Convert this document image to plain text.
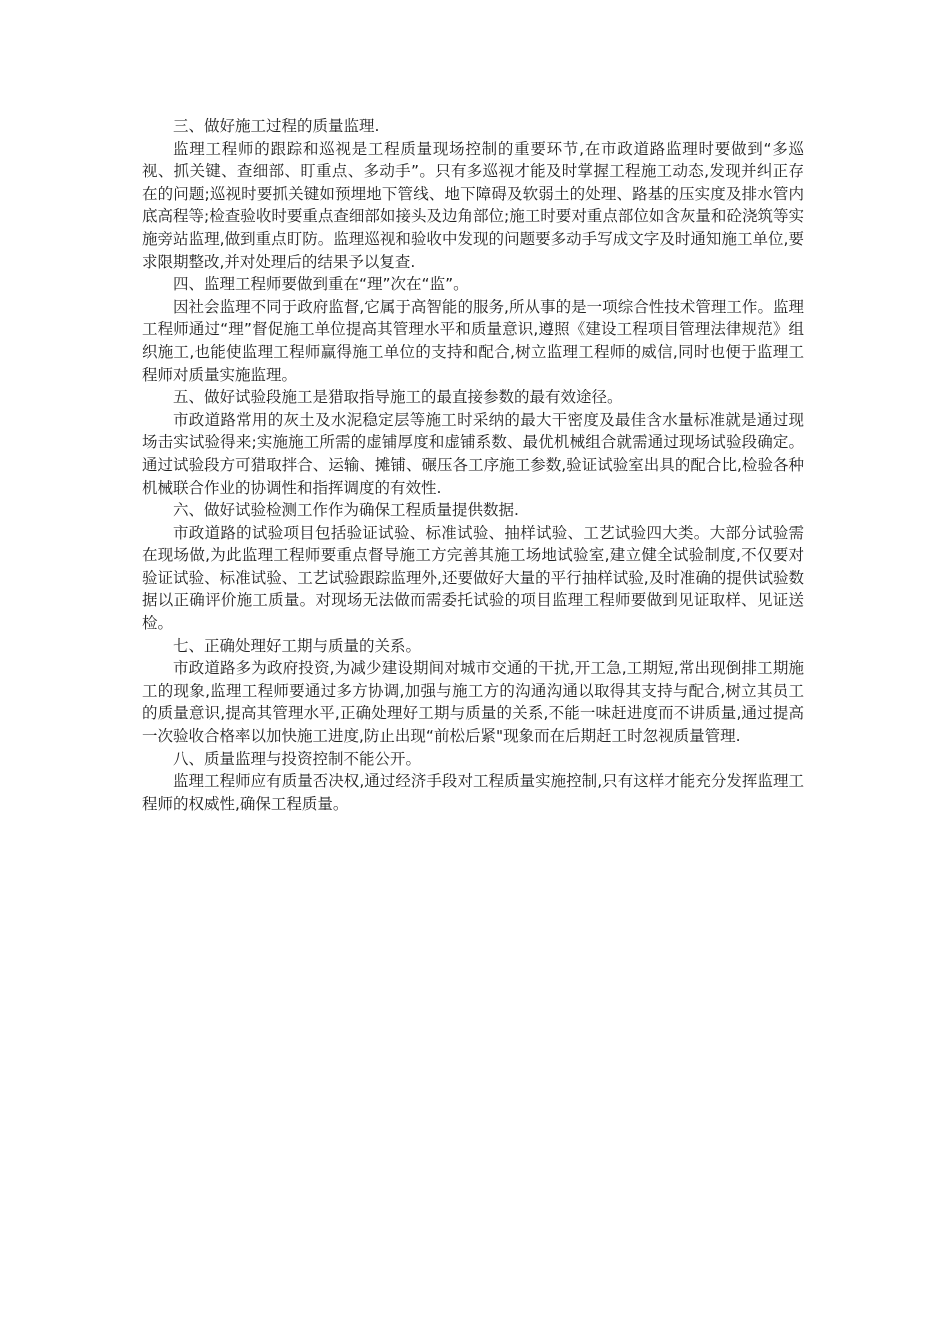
三、做好施工过程的质量监理.

监理工程师的跟踪和巡视是工程质量现场控制的重要环节,在市政道路监理时要做到“多巡视、抓关键、查细部、盯重点、多动手”。只有多巡视才能及时掌握工程施工动态,发现并纠正存在的问题;巡视时要抓关键如预埋地下管线、地下障碍及软弱土的处理、路基的压实度及排水管内底高程等;检查验收时要重点查细部如接头及边角部位;施工时要对重点部位如含灰量和砼浇筑等实施旁站监理,做到重点盯防。监理巡视和验收中发现的问题要多动手写成文字及时通知施工单位,要求限期整改,并对处理后的结果予以复查.

四、监理工程师要做到重在“理”次在“监”。

因社会监理不同于政府监督,它属于高智能的服务,所从事的是一项综合性技术管理工作。监理工程师通过“理”督促施工单位提高其管理水平和质量意识,遵照《建设工程项目管理法律规范》组织施工,也能使监理工程师赢得施工单位的支持和配合,树立监理工程师的威信,同时也便于监理工程师对质量实施监理。

五、做好试验段施工是猎取指导施工的最直接参数的最有效途径。

市政道路常用的灰土及水泥稳定层等施工时采纳的最大干密度及最佳含水量标准就是通过现场击实试验得来;实施施工所需的虚铺厚度和虚铺系数、最优机械组合就需通过现场试验段确定。通过试验段方可猎取拌合、运输、摊铺、碾压各工序施工参数,验证试验室出具的配合比,检验各种机械联合作业的协调性和指挥调度的有效性.

六、做好试验检测工作作为确保工程质量提供数据.

市政道路的试验项目包括验证试验、标准试验、抽样试验、工艺试验四大类。大部分试验需在现场做,为此监理工程师要重点督导施工方完善其施工场地试验室,建立健全试验制度,不仅要对验证试验、标准试验、工艺试验跟踪监理外,还要做好大量的平行抽样试验,及时准确的提供试验数据以正确评价施工质量。对现场无法做而需委托试验的项目监理工程师要做到见证取样、见证送检。

七、正确处理好工期与质量的关系。

市政道路多为政府投资,为减少建设期间对城市交通的干扰,开工急,工期短,常出现倒排工期施工的现象,监理工程师要通过多方协调,加强与施工方的沟通沟通以取得其支持与配合,树立其员工的质量意识,提高其管理水平,正确处理好工期与质量的关系,不能一味赶进度而不讲质量,通过提高一次验收合格率以加快施工进度,防止出现“前松后紧"现象而在后期赶工时忽视质量管理.

八、质量监理与投资控制不能公开。

监理工程师应有质量否决权,通过经济手段对工程质量实施控制,只有这样才能充分发挥监理工程师的权威性,确保工程质量。
